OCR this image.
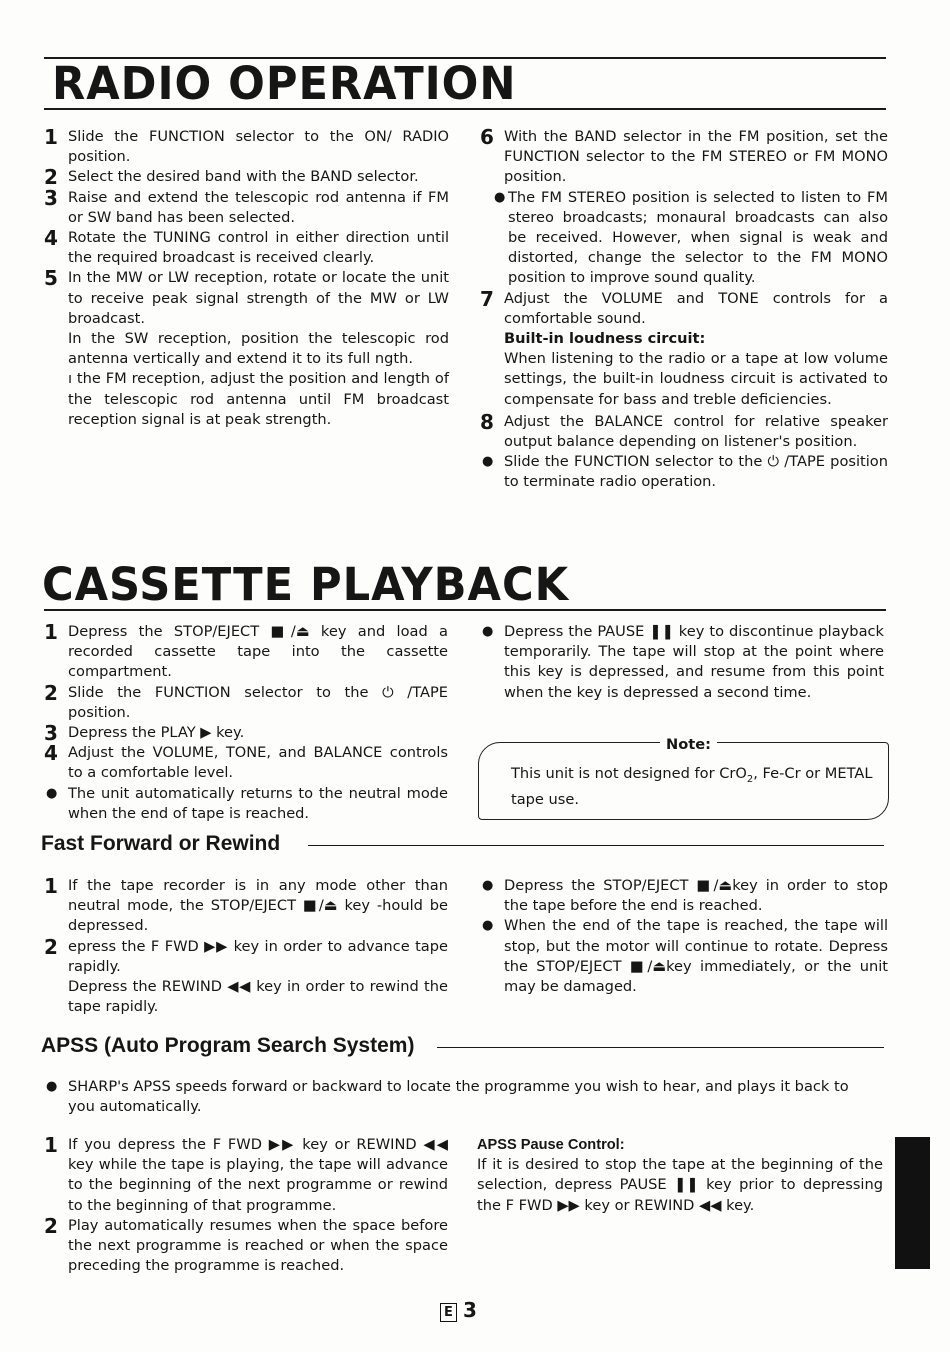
RADIO OPERATION

1 Slide the FUNCTION selector to the ON/ RADIO position.

2 Select the desired band with the BAND selector.

3 Raise and extend the telescopic rod antenna if FM or SW band has been selected.

4 Rotate the TUNING control in either direction until the required broadcast is received clearly.

5 In the MW or LW reception, rotate or locate the unit to receive peak signal strength of the MW or LW broadcast.

In the SW reception, position the telescopic rod antenna vertically and extend it to its full ngth.

ı the FM reception, adjust the position and length of the telescopic rod antenna until FM broadcast reception signal is at peak strength.

6 With the BAND selector in the FM position, set the FUNCTION selector to the FM STEREO or FM MONO position.

● The FM STEREO position is selected to listen to FM stereo broadcasts; monaural broadcasts can also be received. However, when signal is weak and distorted, change the selector to the FM MONO position to improve sound quality.

7 Adjust the VOLUME and TONE controls for a comfortable sound.

Built-in loudness circuit:

When listening to the radio or a tape at low volume settings, the built-in loudness circuit is activated to compensate for bass and treble deficiencies.

8 Adjust the BALANCE control for relative speaker output balance depending on listener's position.

● Slide the FUNCTION selector to the ⏻ /TAPE position to terminate radio operation.

CASSETTE PLAYBACK

1 Depress the STOP/EJECT ■/⏏ key and load a recorded cassette tape into the cassette compartment.

2 Slide the FUNCTION selector to the ⏻ /TAPE position.

3 Depress the PLAY ▶ key.

4 Adjust the VOLUME, TONE, and BALANCE controls to a comfortable level.

● The unit automatically returns to the neutral mode when the end of tape is reached.

● Depress the PAUSE ❚❚ key to discontinue playback temporarily. The tape will stop at the point where this key is depressed, and resume from this point when the key is depressed a second time.

Note:
This unit is not designed for CrO$_2$, Fe-Cr or METAL tape use.
Fast Forward or Rewind

1 If the tape recorder is in any mode other than neutral mode, the STOP/EJECT ■/⏏ key ‑hould be depressed.

2 epress the F FWD ▶▶ key in order to advance tape rapidly.

Depress the REWIND ◀◀ key in order to rewind the tape rapidly.

● Depress the STOP/EJECT ■/⏏key in order to stop the tape before the end is reached.

● When the end of the tape is reached, the tape will stop, but the motor will continue to rotate. Depress the STOP/EJECT ■/⏏key immediately, or the unit may be damaged.

APSS (Auto Program Search System)

● SHARP's APSS speeds forward or backward to locate the programme you wish to hear, and plays it back to you automatically.

1 If you depress the F FWD ▶▶ key or REWIND ◀◀ key while the tape is playing, the tape will advance to the beginning of the next programme or rewind to the beginning of that programme.

2 Play automatically resumes when the space before the next programme is reached or when the space preceding the programme is reached.

APSS Pause Control:

If it is desired to stop the tape at the beginning of the selection, depress PAUSE ❚❚ key prior to depressing the F FWD ▶▶ key or REWIND ◀◀ key.

E 3
